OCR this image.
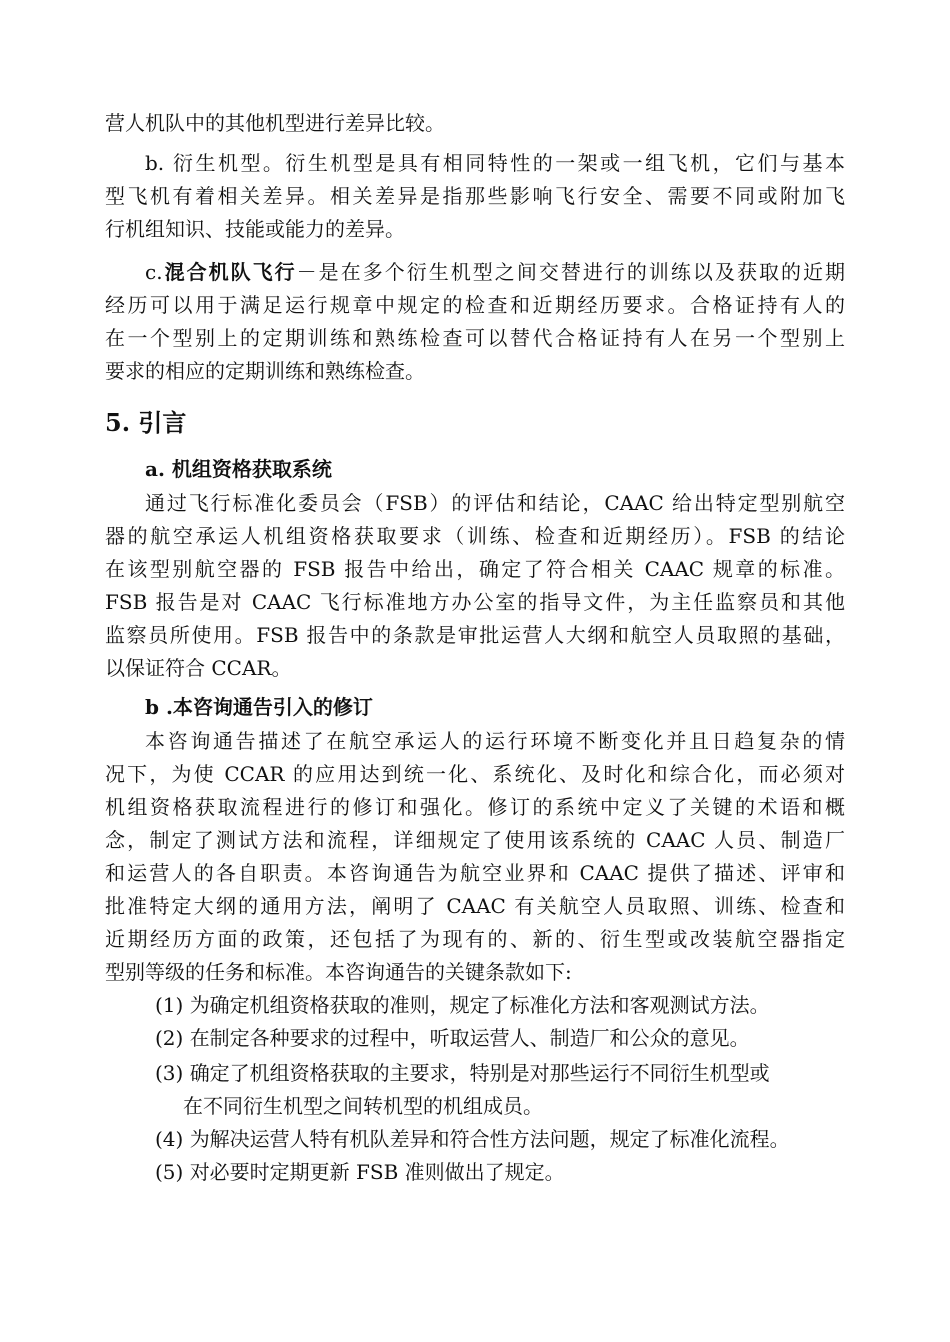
营人机队中的其他机型进行差异比较。
b. 衍生机型。衍生机型是具有相同特性的一架或一组飞机，它们与基本
型飞机有着相关差异。相关差异是指那些影响飞行安全、需要不同或附加飞
行机组知识、技能或能力的差异。
c.混合机队飞行－是在多个衍生机型之间交替进行的训练以及获取的近期
经历可以用于满足运行规章中规定的检查和近期经历要求。合格证持有人的
在一个型别上的定期训练和熟练检查可以替代合格证持有人在另一个型别上
要求的相应的定期训练和熟练检查。
5. 引言
a. 机组资格获取系统
通过飞行标准化委员会（FSB）的评估和结论，CAAC 给出特定型别航空
器的航空承运人机组资格获取要求（训练、检查和近期经历）。FSB 的结论
在该型别航空器的 FSB 报告中给出，确定了符合相关 CAAC 规章的标准。
FSB 报告是对 CAAC 飞行标准地方办公室的指导文件，为主任监察员和其他
监察员所使用。FSB 报告中的条款是审批运营人大纲和航空人员取照的基础，
以保证符合 CCAR。
b .本咨询通告引入的修订
本咨询通告描述了在航空承运人的运行环境不断变化并且日趋复杂的情
况下，为使 CCAR 的应用达到统一化、系统化、及时化和综合化，而必须对
机组资格获取流程进行的修订和强化。修订的系统中定义了关键的术语和概
念，制定了测试方法和流程，详细规定了使用该系统的 CAAC 人员、制造厂
和运营人的各自职责。本咨询通告为航空业界和 CAAC 提供了描述、评审和
批准特定大纲的通用方法，阐明了 CAAC 有关航空人员取照、训练、检查和
近期经历方面的政策，还包括了为现有的、新的、衍生型或改装航空器指定
型别等级的任务和标准。本咨询通告的关键条款如下:
(1) 为确定机组资格获取的准则，规定了标准化方法和客观测试方法。
(2) 在制定各种要求的过程中，听取运营人、制造厂和公众的意见。
(3) 确定了机组资格获取的主要求，特别是对那些运行不同衍生机型或
在不同衍生机型之间转机型的机组成员。
(4) 为解决运营人特有机队差异和符合性方法问题，规定了标准化流程。
(5) 对必要时定期更新 FSB 准则做出了规定。
